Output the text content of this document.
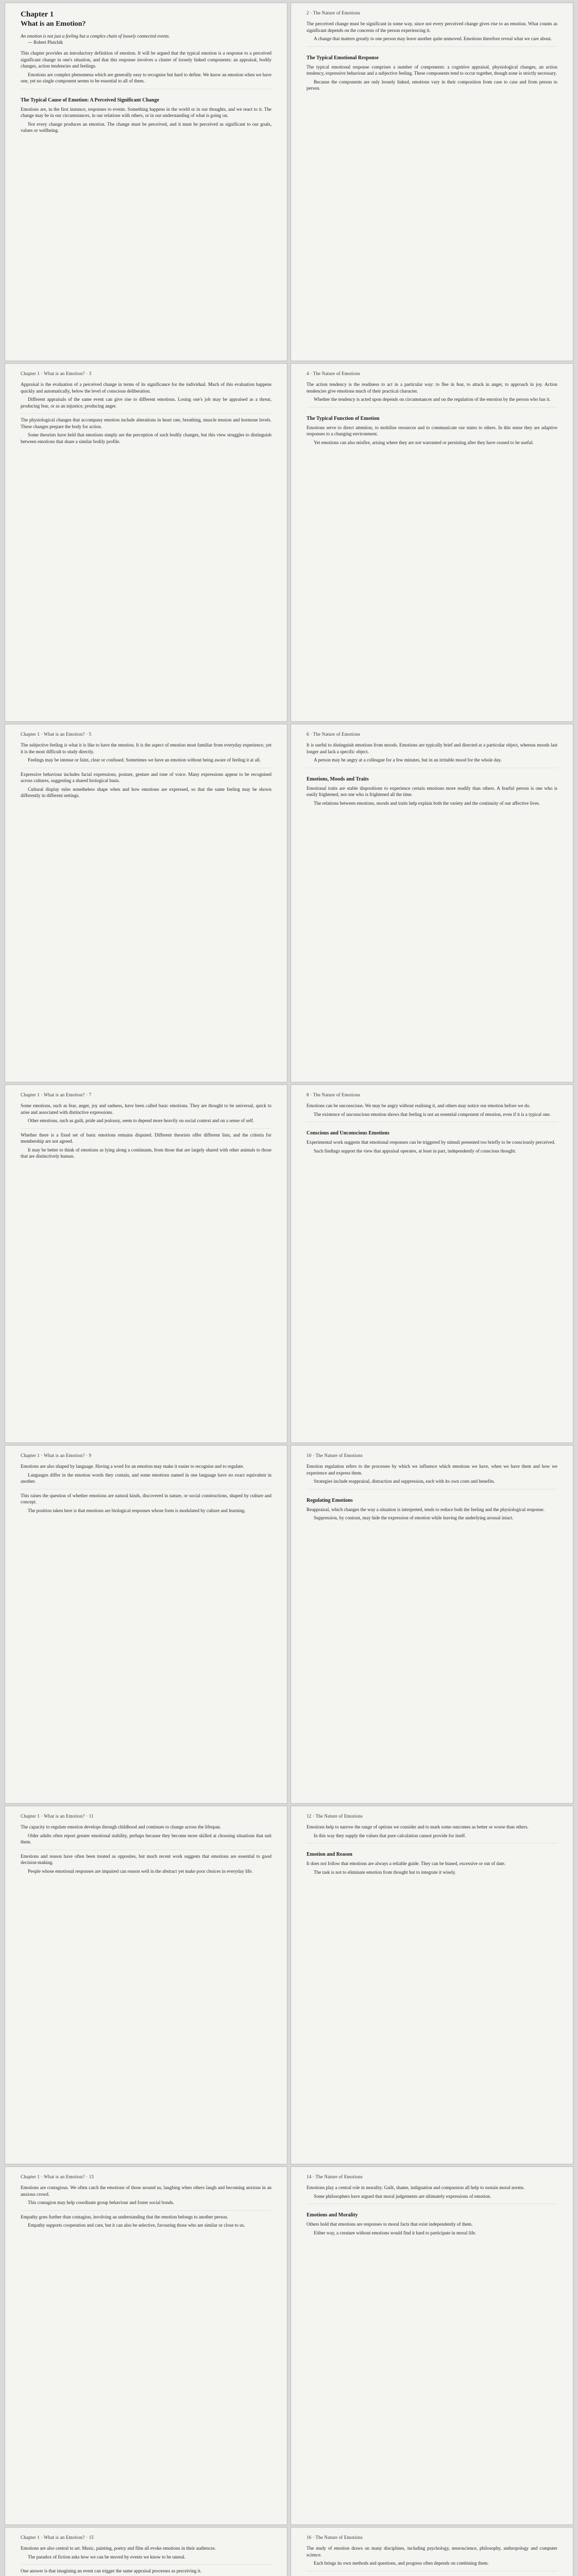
Chapter 1
What is an Emotion?
An emotion is not just a feeling but a complex chain of loosely connected events.
— Robert Plutchik

This chapter provides an introductory definition of emotion. It will be argued that the typical emotion is a response to a perceived significant change in one's situation, and that this response involves a cluster of loosely linked components: an appraisal, bodily changes, action tendencies and feelings.

Emotions are complex phenomena which are generally easy to recognise but hard to define. We know an emotion when we have one, yet no single component seems to be essential to all of them.

The Typical Cause of Emotion: A Perceived Significant Change

Emotions are, in the first instance, responses to events. Something happens in the world or in our thoughts, and we react to it. The change may be in our circumstances, in our relations with others, or in our understanding of what is going on.

Not every change produces an emotion. The change must be perceived, and it must be perceived as significant to our goals, values or wellbeing.

2 · The Nature of Emotions

The perceived change must be significant in some way, since not every perceived change gives rise to an emotion. What counts as significant depends on the concerns of the person experiencing it.

A change that matters greatly to one person may leave another quite unmoved. Emotions therefore reveal what we care about.

The Typical Emotional Response

The typical emotional response comprises a number of components: a cognitive appraisal, physiological changes, an action tendency, expressive behaviour and a subjective feeling. These components tend to occur together, though none is strictly necessary.

Because the components are only loosely linked, emotions vary in their composition from case to case and from person to person.

Chapter 1 · What is an Emotion? · 3

Appraisal is the evaluation of a perceived change in terms of its significance for the individual. Much of this evaluation happens quickly and automatically, below the level of conscious deliberation.

Different appraisals of the same event can give rise to different emotions. Losing one's job may be appraised as a threat, producing fear, or as an injustice, producing anger.

The physiological changes that accompany emotion include alterations in heart rate, breathing, muscle tension and hormone levels. These changes prepare the body for action.

Some theorists have held that emotions simply are the perception of such bodily changes, but this view struggles to distinguish between emotions that share a similar bodily profile.

4 · The Nature of Emotions

The action tendency is the readiness to act in a particular way: to flee in fear, to attack in anger, to approach in joy. Action tendencies give emotions much of their practical character.

Whether the tendency is acted upon depends on circumstances and on the regulation of the emotion by the person who has it.

The Typical Function of Emotion

Emotions serve to direct attention, to mobilise resources and to communicate our states to others. In this sense they are adaptive responses to a changing environment.

Yet emotions can also misfire, arising where they are not warranted or persisting after they have ceased to be useful.

Chapter 1 · What is an Emotion? · 5

The subjective feeling is what it is like to have the emotion. It is the aspect of emotion most familiar from everyday experience, yet it is the most difficult to study directly.

Feelings may be intense or faint, clear or confused. Sometimes we have an emotion without being aware of feeling it at all.

Expressive behaviour includes facial expressions, posture, gesture and tone of voice. Many expressions appear to be recognised across cultures, suggesting a shared biological basis.

Cultural display rules nonetheless shape when and how emotions are expressed, so that the same feeling may be shown differently in different settings.

6 · The Nature of Emotions

It is useful to distinguish emotions from moods. Emotions are typically brief and directed at a particular object, whereas moods last longer and lack a specific object.

A person may be angry at a colleague for a few minutes, but in an irritable mood for the whole day.

Emotions, Moods and Traits

Emotional traits are stable dispositions to experience certain emotions more readily than others. A fearful person is one who is easily frightened, not one who is frightened all the time.

The relations between emotions, moods and traits help explain both the variety and the continuity of our affective lives.

Chapter 1 · What is an Emotion? · 7

Some emotions, such as fear, anger, joy and sadness, have been called basic emotions. They are thought to be universal, quick to arise and associated with distinctive expressions.

Other emotions, such as guilt, pride and jealousy, seem to depend more heavily on social context and on a sense of self.

Whether there is a fixed set of basic emotions remains disputed. Different theorists offer different lists, and the criteria for membership are not agreed.

It may be better to think of emotions as lying along a continuum, from those that are largely shared with other animals to those that are distinctively human.

8 · The Nature of Emotions

Emotions can be unconscious. We may be angry without realising it, and others may notice our emotion before we do.

The existence of unconscious emotion shows that feeling is not an essential component of emotion, even if it is a typical one.

Conscious and Unconscious Emotions

Experimental work suggests that emotional responses can be triggered by stimuli presented too briefly to be consciously perceived.

Such findings support the view that appraisal operates, at least in part, independently of conscious thought.

Chapter 1 · What is an Emotion? · 9

Emotions are also shaped by language. Having a word for an emotion may make it easier to recognise and to regulate.

Languages differ in the emotion words they contain, and some emotions named in one language have no exact equivalent in another.

This raises the question of whether emotions are natural kinds, discovered in nature, or social constructions, shaped by culture and concept.

The position taken here is that emotions are biological responses whose form is modulated by culture and learning.

10 · The Nature of Emotions

Emotion regulation refers to the processes by which we influence which emotions we have, when we have them and how we experience and express them.

Strategies include reappraisal, distraction and suppression, each with its own costs and benefits.

Regulating Emotions

Reappraisal, which changes the way a situation is interpreted, tends to reduce both the feeling and the physiological response.

Suppression, by contrast, may hide the expression of emotion while leaving the underlying arousal intact.

Chapter 1 · What is an Emotion? · 11

The capacity to regulate emotion develops through childhood and continues to change across the lifespan.

Older adults often report greater emotional stability, perhaps because they become more skilled at choosing situations that suit them.

Emotions and reason have often been treated as opposites, but much recent work suggests that emotions are essential to good decision-making.

People whose emotional responses are impaired can reason well in the abstract yet make poor choices in everyday life.

12 · The Nature of Emotions

Emotions help to narrow the range of options we consider and to mark some outcomes as better or worse than others.

In this way they supply the values that pure calculation cannot provide for itself.

Emotion and Reason

It does not follow that emotions are always a reliable guide. They can be biased, excessive or out of date.

The task is not to eliminate emotion from thought but to integrate it wisely.

Chapter 1 · What is an Emotion? · 13

Emotions are contagious. We often catch the emotions of those around us, laughing when others laugh and becoming anxious in an anxious crowd.

This contagion may help coordinate group behaviour and foster social bonds.

Empathy goes further than contagion, involving an understanding that the emotion belongs to another person.

Empathy supports cooperation and care, but it can also be selective, favouring those who are similar or close to us.

14 · The Nature of Emotions

Emotions play a central role in morality. Guilt, shame, indignation and compassion all help to sustain moral norms.

Some philosophers have argued that moral judgements are ultimately expressions of emotion.

Emotions and Morality

Others hold that emotions are responses to moral facts that exist independently of them.

Either way, a creature without emotions would find it hard to participate in moral life.

Chapter 1 · What is an Emotion? · 15

Emotions are also central to art. Music, painting, poetry and film all evoke emotions in their audiences.

The paradox of fiction asks how we can be moved by events we know to be unreal.

One answer is that imagining an event can trigger the same appraisal processes as perceiving it.

16 · The Nature of Emotions

The study of emotion draws on many disciplines, including psychology, neuroscience, philosophy, anthropology and computer science.

Each brings its own methods and questions, and progress often depends on combining them.
